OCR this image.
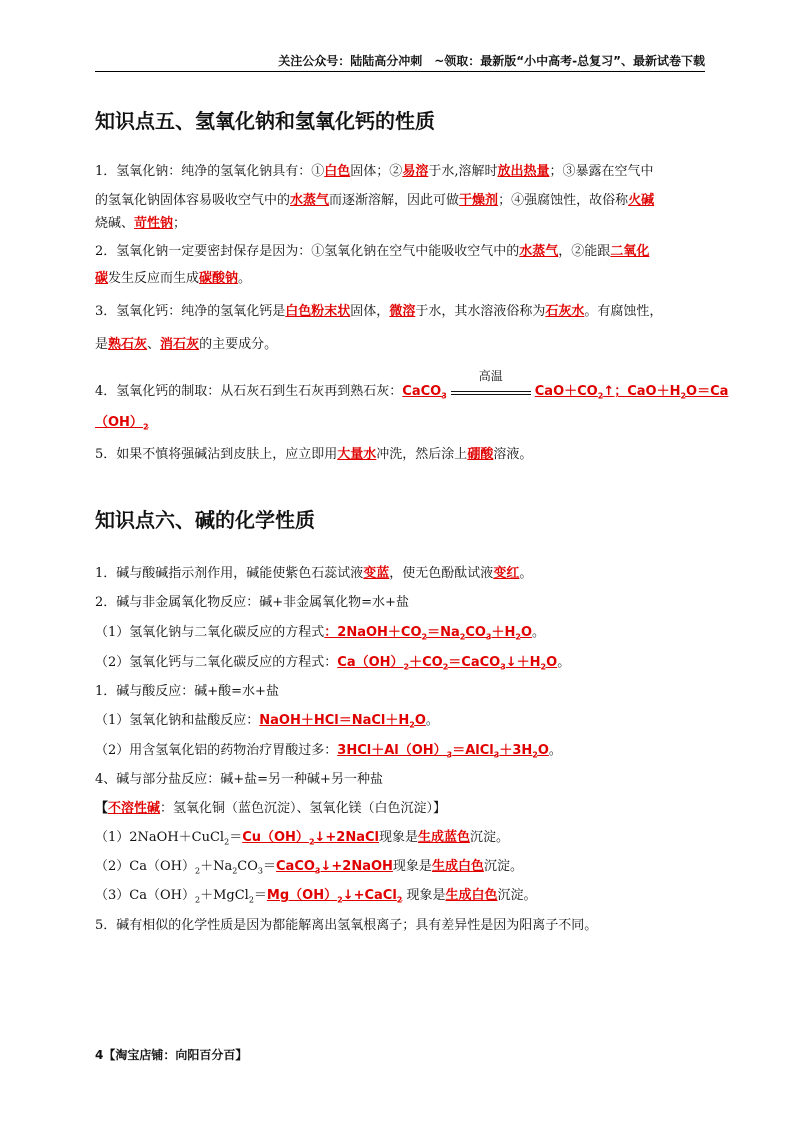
关注公众号：陆陆高分冲刺　~领取：最新版“小中高考-总复习”、最新试卷下载
知识点五、氢氧化钠和氢氧化钙的性质
1．氢氧化钠：纯净的氢氧化钠具有：①白色固体；②易溶于水,溶解时放出热量；③暴露在空气中
的氢氧化钠固体容易吸收空气中的水蒸气而逐渐溶解，因此可做干燥剂；④强腐蚀性，故俗称火碱
烧碱、苛性钠；
2．氢氧化钠一定要密封保存是因为：①氢氧化钠在空气中能吸收空气中的水蒸气，②能跟二氧化
碳发生反应而生成碳酸钠。
3．氢氧化钙：纯净的氢氧化钙是白色粉末状固体，微溶于水，其水溶液俗称为石灰水。有腐蚀性，
是熟石灰、消石灰的主要成分。
4．氢氧化钙的制取：从石灰石到生石灰再到熟石灰：CaCO$_3$
高温
$CaO+CO_2↑$；$CaO+H_2O=Ca$
$(OH)_2$
5．如果不慎将强碱沾到皮肤上，应立即用大量水冲洗，然后涂上硼酸溶液。
知识点六、碱的化学性质
1．碱与酸碱指示剂作用，碱能使紫色石蕊试液变蓝，使无色酚酞试液变红。
2．碱与非金属氧化物反应：碱+非金属氧化物=水+盐
（1）氢氧化钠与二氧化碳反应的方程式：$2NaOH+CO_2=Na_2CO_3+H_2O$。
（2）氢氧化钙与二氧化碳反应的方程式：$Ca(OH)_2+CO_2=CaCO_3↓+H_2O$。
1．碱与酸反应：碱+酸=水+盐
（1）氢氧化钠和盐酸反应：$NaOH+HCl=NaCl+H_2O$。
（2）用含氢氧化铝的药物治疗胃酸过多：$3HCl+Al(OH)_3=AlCl_3+3H_2O$。
4、碱与部分盐反应：碱+盐=另一种碱+另一种盐
【不溶性碱：氢氧化铜（蓝色沉淀）、氢氧化镁（白色沉淀）】
$(1)2NaOH+CuCl_2=Cu(OH)_2↓+2NaCl$现象是生成蓝色沉淀。
$(2)Ca(OH)_2+Na_2CO_3=CaCO_3↓+2NaOH$现象是生成白色沉淀。
$(3)Ca(OH)_2+MgCl_2=Mg(OH)_2↓+CaCl_2$ 现象是生成白色沉淀。
5．碱有相似的化学性质是因为都能解离出氢氧根离子；具有差异性是因为阳离子不同。
4【淘宝店铺：向阳百分百】
